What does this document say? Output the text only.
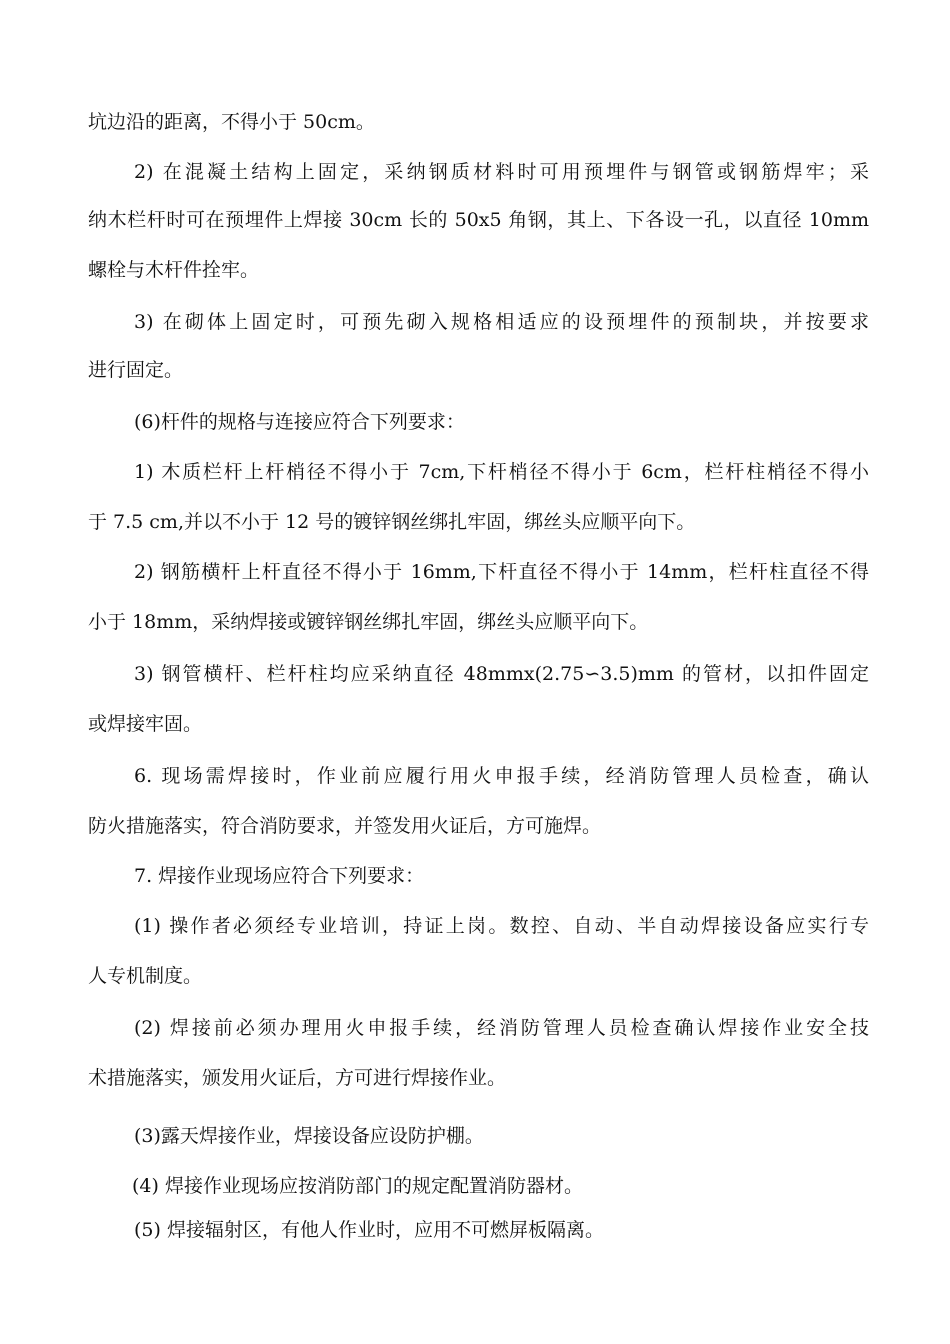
坑边沿的距离，不得小于 50cm。
2) 在混凝土结构上固定，采纳钢质材料时可用预埋件与钢管或钢筋焊牢；采
纳木栏杆时可在预埋件上焊接 30cm 长的 50x5 角钢，其上、下各设一孔，以直径 10mm
螺栓与木杆件拴牢。
3) 在砌体上固定时，可预先砌入规格相适应的设预埋件的预制块，并按要求
进行固定。
(6)杆件的规格与连接应符合下列要求：
1) 木质栏杆上杆梢径不得小于 7cm,下杆梢径不得小于 6cm，栏杆柱梢径不得小
于 7.5 cm,并以不小于 12 号的镀锌钢丝绑扎牢固，绑丝头应顺平向下。
2) 钢筋横杆上杆直径不得小于 16mm,下杆直径不得小于 14mm，栏杆柱直径不得
小于 18mm，采纳焊接或镀锌钢丝绑扎牢固，绑丝头应顺平向下。
3) 钢管横杆、栏杆柱均应采纳直径 48mmx(2.75∽3.5)mm 的管材，以扣件固定
或焊接牢固。
6. 现场需焊接时，作业前应履行用火申报手续，经消防管理人员检查，确认
防火措施落实，符合消防要求，并签发用火证后，方可施焊。
7. 焊接作业现场应符合下列要求：
(1) 操作者必须经专业培训，持证上岗。数控、自动、半自动焊接设备应实行专
人专机制度。
(2) 焊接前必须办理用火申报手续，经消防管理人员检查确认焊接作业安全技
术措施落实，颁发用火证后，方可进行焊接作业。
(3)露天焊接作业，焊接设备应设防护棚。
(4) 焊接作业现场应按消防部门的规定配置消防器材。
(5) 焊接辐射区，有他人作业时，应用不可燃屏板隔离。
